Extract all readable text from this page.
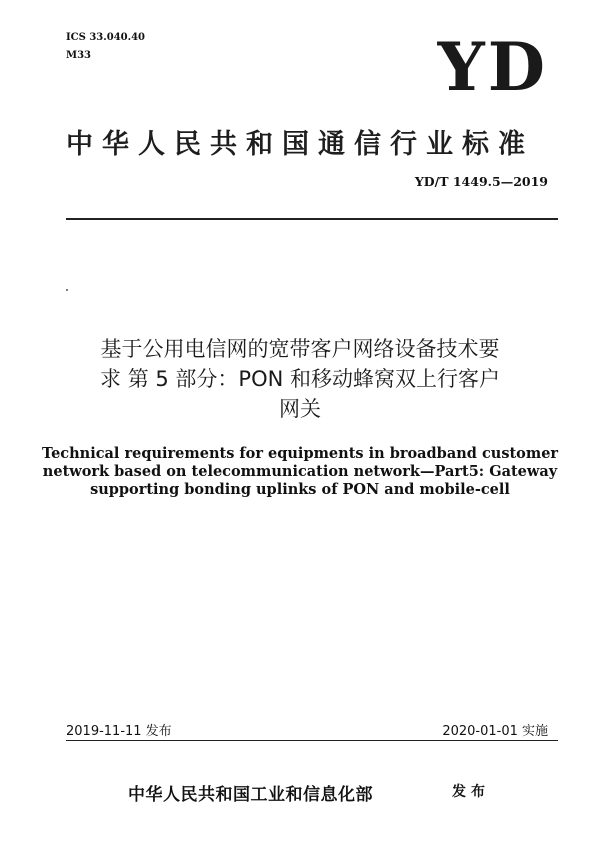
ICS 33.040.40
M33	YD
中华人民共和国通信行业标准
YD/T 1449.5—2019
基于公用电信网的宽带客户网络设备技术要
求 第 5 部分：PON 和移动蜂窝双上行客户
网关
Technical requirements for equipments in broadband customer
network based on telecommunication network—Part5: Gateway
supporting bonding uplinks of PON and mobile-cell
2019-11-11 发布	2020-01-01 实施
中华人民共和国工业和信息化部	发布
